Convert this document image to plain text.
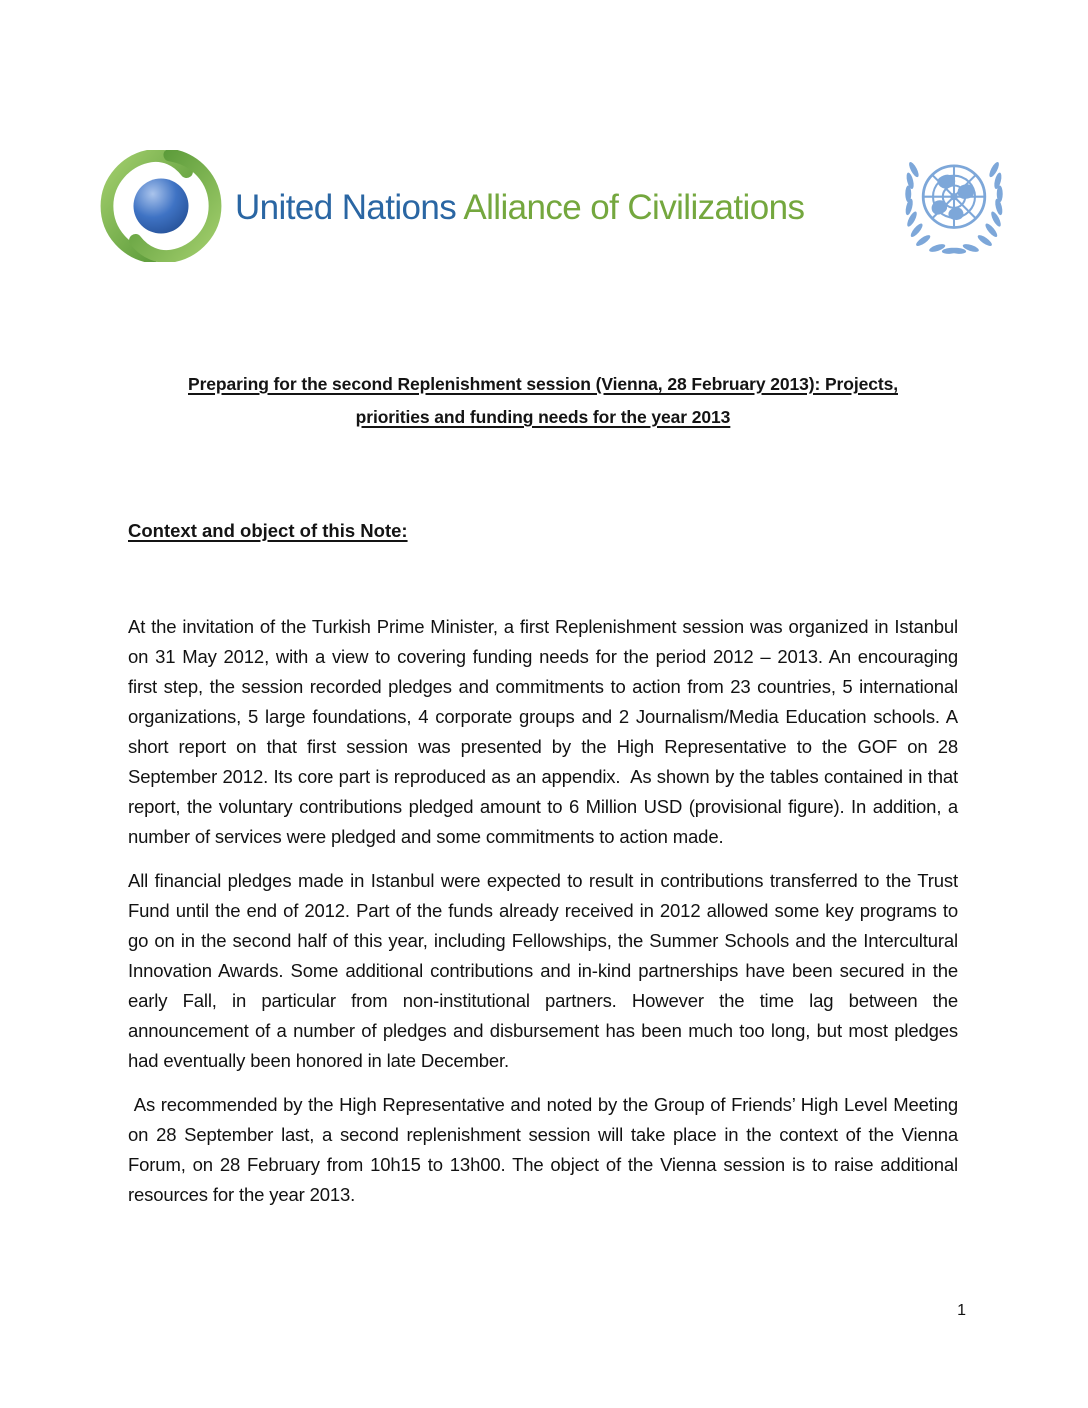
United Nations Alliance of Civilizations
Preparing for the second Replenishment session (Vienna, 28 February 2013): Projects,
priorities and funding needs for the year 2013
Context and object of this Note:

At the invitation of the Turkish Prime Minister, a first Replenishment session was organized in Istanbul on 31 May 2012, with a view to covering funding needs for the period 2012 – 2013. An encouraging first step, the session recorded pledges and commitments to action from 23 countries, 5 international organizations, 5 large foundations, 4 corporate groups and 2 Journalism/Media Education schools. A short report on that first session was presented by the High Representative to the GOF on 28 September 2012. Its core part is reproduced as an appendix.  As shown by the tables contained in that report, the voluntary contributions pledged amount to 6 Million USD (provisional figure). In addition, a number of services were pledged and some commitments to action made.

All financial pledges made in Istanbul were expected to result in contributions transferred to the Trust Fund until the end of 2012. Part of the funds already received in 2012 allowed some key programs to go on in the second half of this year, including Fellowships, the Summer Schools and the Intercultural Innovation Awards. Some additional contributions and in-kind partnerships have been secured in the early Fall, in particular from non-institutional partners. However the time lag between the announcement of a number of pledges and disbursement has been much too long, but most pledges had eventually been honored in late December.

As recommended by the High Representative and noted by the Group of Friends’ High Level Meeting on 28 September last, a second replenishment session will take place in the context of the Vienna Forum, on 28 February from 10h15 to 13h00. The object of the Vienna session is to raise additional resources for the year 2013.

1
